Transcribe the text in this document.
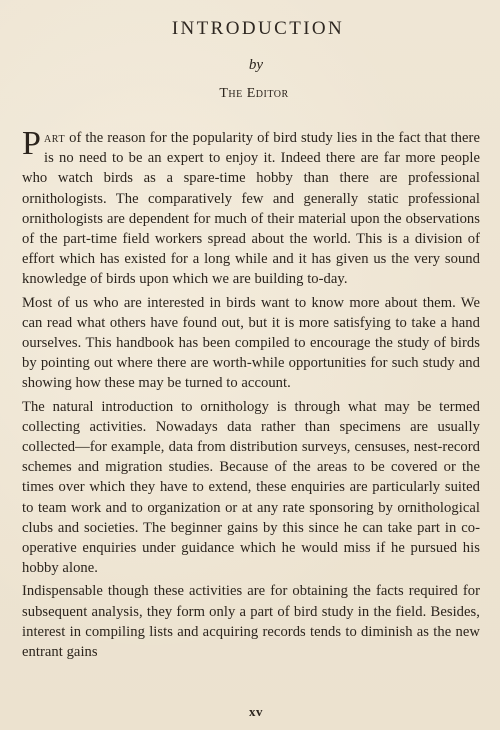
INTRODUCTION
by
The Editor

Part of the reason for the popularity of bird study lies in the fact that there is no need to be an expert to enjoy it. Indeed there are far more people who watch birds as a spare-time hobby than there are professional ornithologists. The comparatively few and generally static professional ornithologists are dependent for much of their material upon the observations of the part-time field workers spread about the world. This is a division of effort which has existed for a long while and it has given us the very sound knowledge of birds upon which we are building to-day.

Most of us who are interested in birds want to know more about them. We can read what others have found out, but it is more satisfying to take a hand ourselves. This handbook has been compiled to encourage the study of birds by pointing out where there are worth-while opportunities for such study and showing how these may be turned to account.

The natural introduction to ornithology is through what may be termed collecting activities. Nowadays data rather than specimens are usually collected—for example, data from distribution surveys, censuses, nest-record schemes and migration studies. Because of the areas to be covered or the times over which they have to extend, these enquiries are particularly suited to team work and to organization or at any rate sponsoring by ornithological clubs and societies. The beginner gains by this since he can take part in co-operative enquiries under guidance which he would miss if he pursued his hobby alone.

Indispensable though these activities are for obtaining the facts required for subsequent analysis, they form only a part of bird study in the field. Besides, interest in compiling lists and acquiring records tends to diminish as the new entrant gains

xv
